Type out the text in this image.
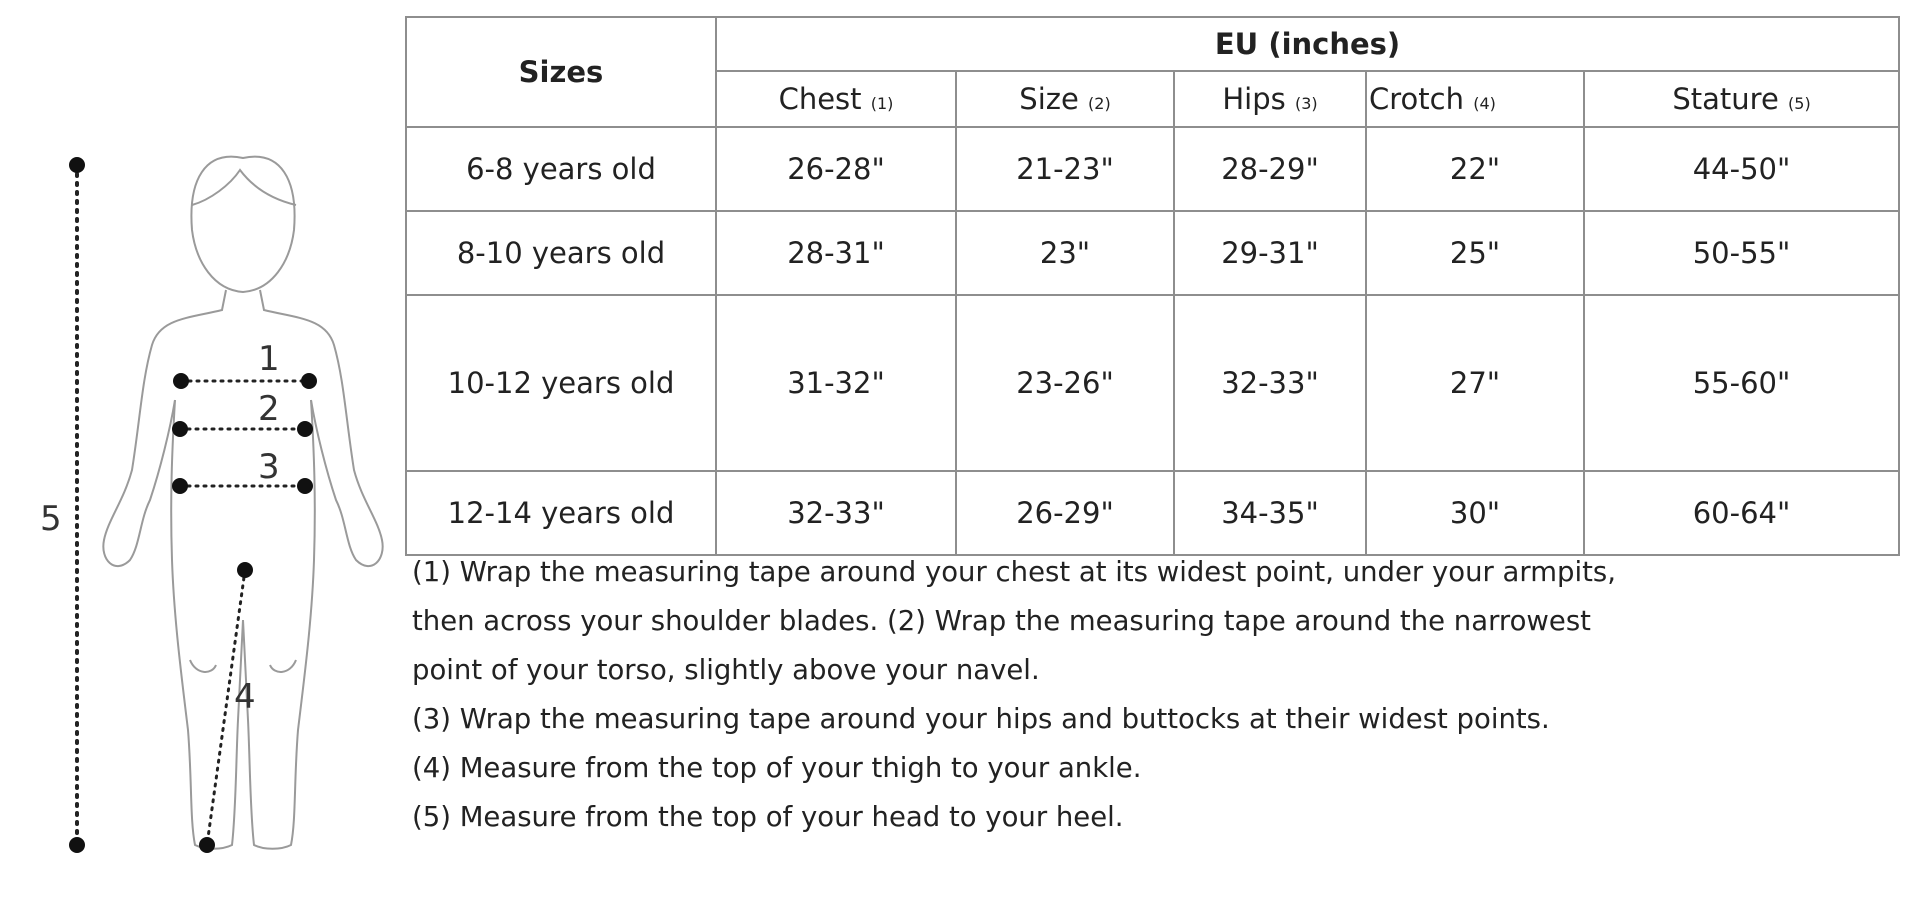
5
1
2
3
4
Sizes	EU (inches)				
	Chest (1)	Size (2)	Hips (3)	Crotch (4)	Stature (5)
6-8 years old	26-28"	21-23"	28-29"	22"	44-50"
8-10 years old	28-31"	23"	29-31"	25"	50-55"
10-12 years old	31-32"	23-26"	32-33"	27"	55-60"
12-14 years old	32-33"	26-29"	34-35"	30"	60-64"

(1) Wrap the measuring tape around your chest at its widest point, under your armpits,

then across your shoulder blades. (2) Wrap the measuring tape around the narrowest

point of your torso, slightly above your navel.

(3) Wrap the measuring tape around your hips and buttocks at their widest points.

(4) Measure from the top of your thigh to your ankle.

(5) Measure from the top of your head to your heel.
